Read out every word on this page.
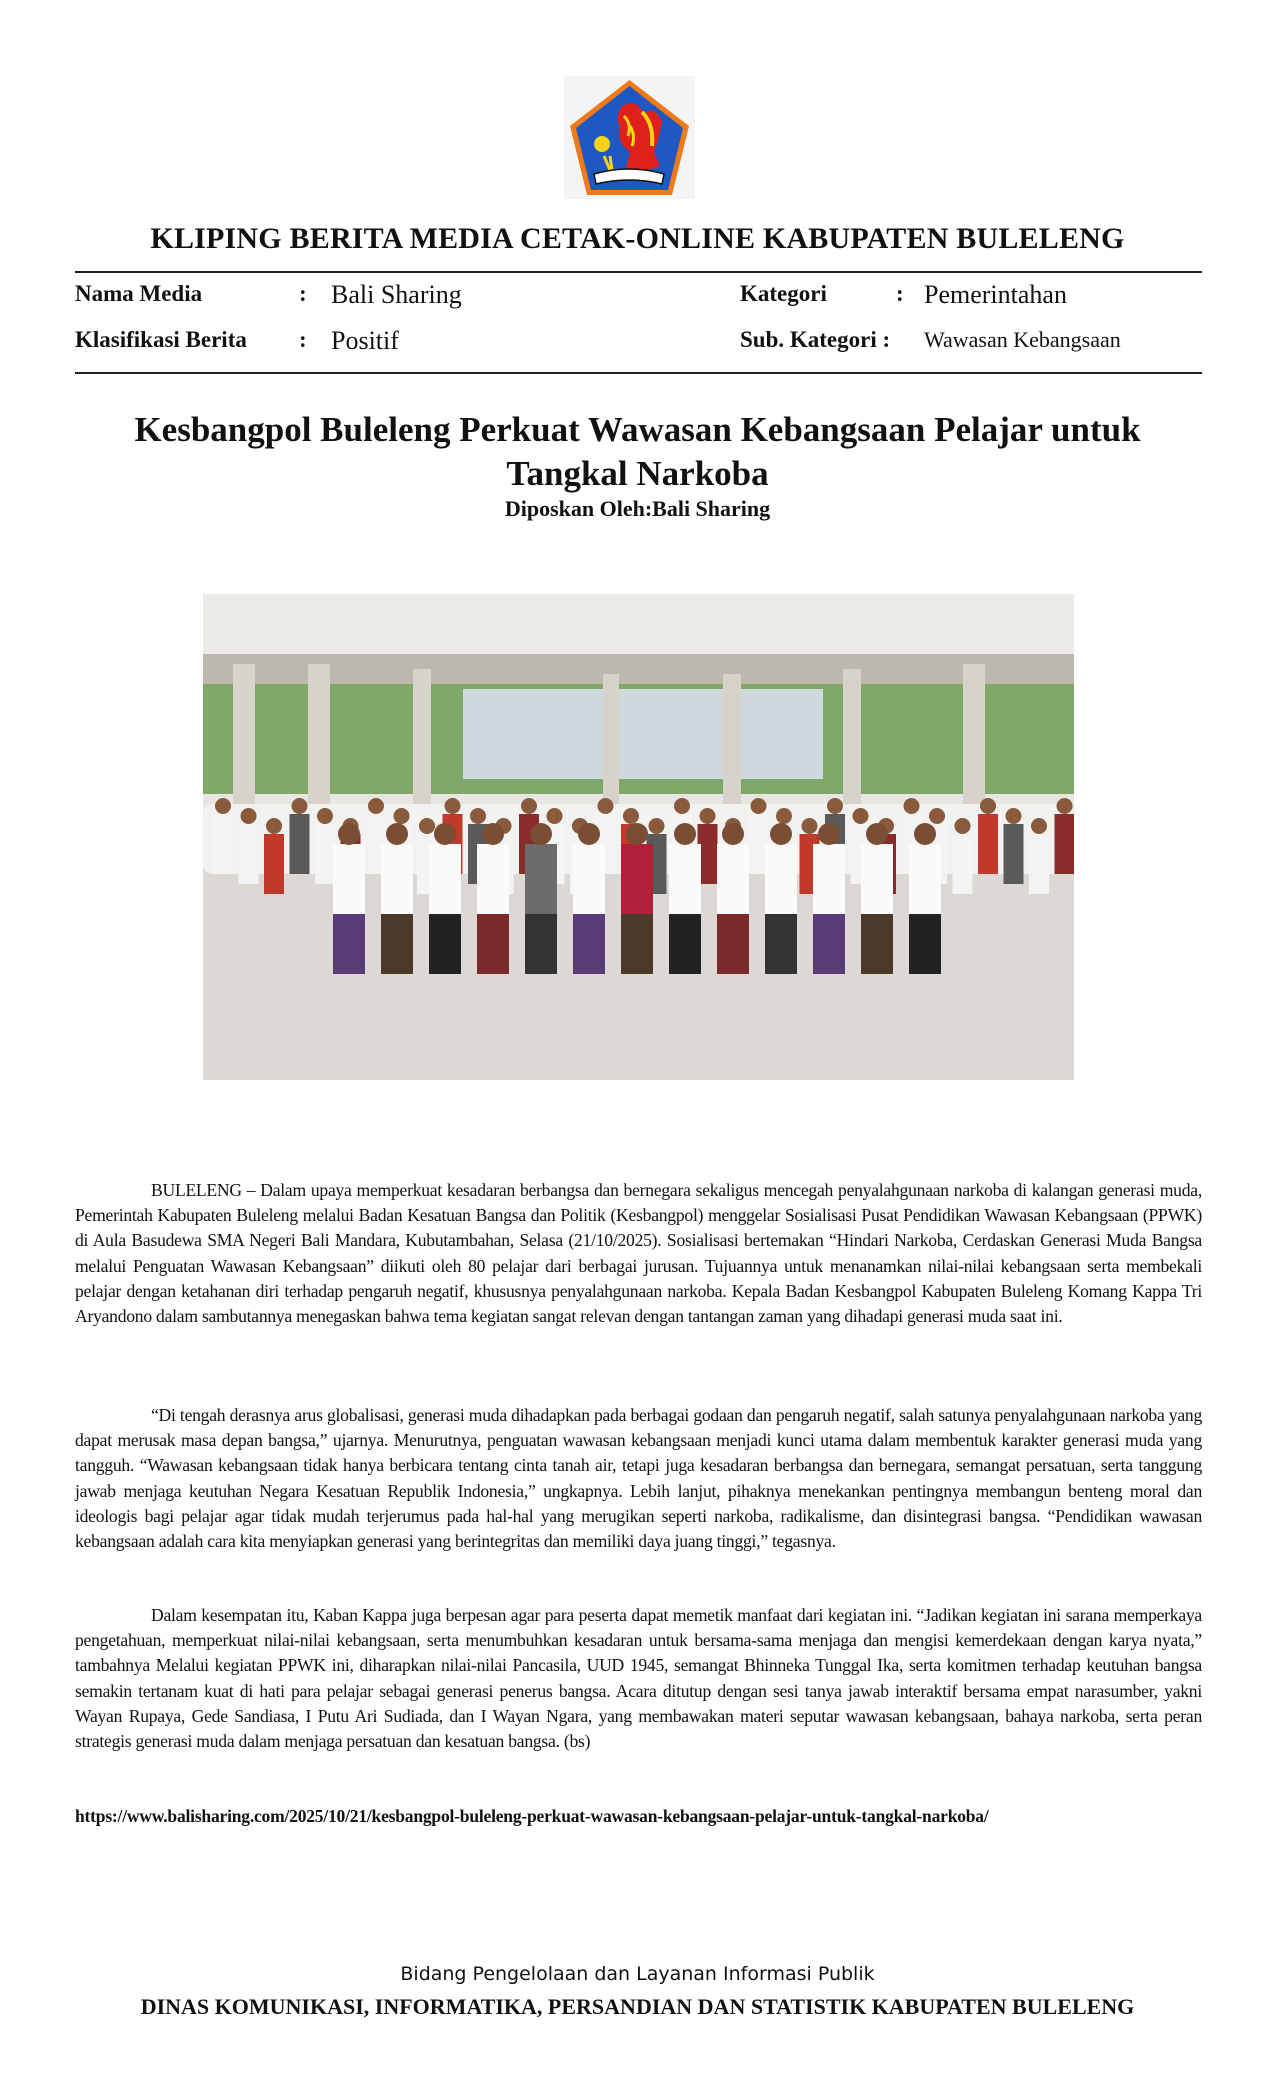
KLIPING BERITA MEDIA CETAK-ONLINE KABUPATEN BULELENG
Nama Media	: Bali Sharing
Klasifikasi Berita : Positif
Kategori	: Pemerintahan
Sub. Kategori : Wawasan Kebangsaan
Kesbangpol Buleleng Perkuat Wawasan Kebangsaan Pelajar untuk Tangkal Narkoba
Diposkan Oleh:Bali Sharing

BULELENG – Dalam upaya memperkuat kesadaran berbangsa dan bernegara sekaligus mencegah penyalahgunaan narkoba di kalangan generasi muda, Pemerintah Kabupaten Buleleng melalui Badan Kesatuan Bangsa dan Politik (Kesbangpol) menggelar Sosialisasi Pusat Pendidikan Wawasan Kebangsaan (PPWK) di Aula Basudewa SMA Negeri Bali Mandara, Kubutambahan, Selasa (21/10/2025). Sosialisasi bertemakan “Hindari Narkoba, Cerdaskan Generasi Muda Bangsa melalui Penguatan Wawasan Kebangsaan” diikuti oleh 80 pelajar dari berbagai jurusan. Tujuannya untuk menanamkan nilai-nilai kebangsaan serta membekali pelajar dengan ketahanan diri terhadap pengaruh negatif, khususnya penyalahgunaan narkoba. Kepala Badan Kesbangpol Kabupaten Buleleng Komang Kappa Tri Aryandono dalam sambutannya menegaskan bahwa tema kegiatan sangat relevan dengan tantangan zaman yang dihadapi generasi muda saat ini.

“Di tengah derasnya arus globalisasi, generasi muda dihadapkan pada berbagai godaan dan pengaruh negatif, salah satunya penyalahgunaan narkoba yang dapat merusak masa depan bangsa,” ujarnya. Menurutnya, penguatan wawasan kebangsaan menjadi kunci utama dalam membentuk karakter generasi muda yang tangguh. “Wawasan kebangsaan tidak hanya berbicara tentang cinta tanah air, tetapi juga kesadaran berbangsa dan bernegara, semangat persatuan, serta tanggung jawab menjaga keutuhan Negara Kesatuan Republik Indonesia,” ungkapnya. Lebih lanjut, pihaknya menekankan pentingnya membangun benteng moral dan ideologis bagi pelajar agar tidak mudah terjerumus pada hal-hal yang merugikan seperti narkoba, radikalisme, dan disintegrasi bangsa. “Pendidikan wawasan kebangsaan adalah cara kita menyiapkan generasi yang berintegritas dan memiliki daya juang tinggi,” tegasnya.

Dalam kesempatan itu, Kaban Kappa juga berpesan agar para peserta dapat memetik manfaat dari kegiatan ini. “Jadikan kegiatan ini sarana memperkaya pengetahuan, memperkuat nilai-nilai kebangsaan, serta menumbuhkan kesadaran untuk bersama-sama menjaga dan mengisi kemerdekaan dengan karya nyata,” tambahnya Melalui kegiatan PPWK ini, diharapkan nilai-nilai Pancasila, UUD 1945, semangat Bhinneka Tunggal Ika, serta komitmen terhadap keutuhan bangsa semakin tertanam kuat di hati para pelajar sebagai generasi penerus bangsa. Acara ditutup dengan sesi tanya jawab interaktif bersama empat narasumber, yakni Wayan Rupaya, Gede Sandiasa, I Putu Ari Sudiada, dan I Wayan Ngara, yang membawakan materi seputar wawasan kebangsaan, bahaya narkoba, serta peran strategis generasi muda dalam menjaga persatuan dan kesatuan bangsa. (bs)

https://www.balisharing.com/2025/10/21/kesbangpol-buleleng-perkuat-wawasan-kebangsaan-pelajar-untuk-tangkal-narkoba/
Bidang Pengelolaan dan Layanan Informasi Publik
DINAS KOMUNIKASI, INFORMATIKA, PERSANDIAN DAN STATISTIK KABUPATEN BULELENG
